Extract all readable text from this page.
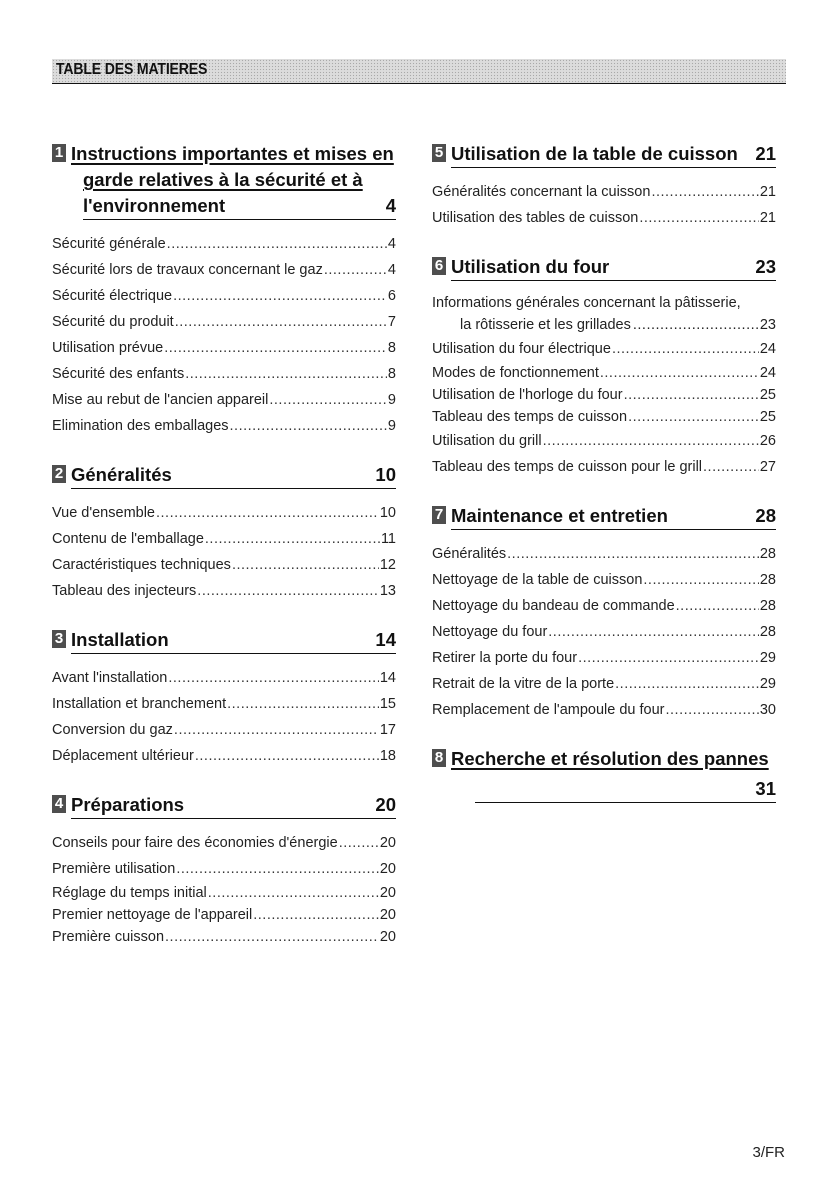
TABLE DES MATIERES
1 Instructions importantes et mises en
garde relatives à la sécurité et à
l'environnement	4
Sécurité générale .....	4
Sécurité lors de travaux concernant le gaz .....	4
Sécurité électrique .....	6
Sécurité du produit .....	7
Utilisation prévue .....	8
Sécurité des enfants .....	8
Mise au rebut de l'ancien appareil .....	9
Elimination des emballages .....	9
2 Généralités	10
Vue d'ensemble .....	10
Contenu de l'emballage .....	11
Caractéristiques techniques .....	12
Tableau des injecteurs .....	13
3 Installation	14
Avant l'installation .....	14
Installation et branchement .....	15
Conversion du gaz .....	17
Déplacement ultérieur .....	18
4 Préparations	20
Conseils pour faire des économies d'énergie .....	20
Première utilisation .....	20
Réglage du temps initial .....	20
Premier nettoyage de l'appareil .....	20
Première cuisson .....	20
5 Utilisation de la table de cuisson 21
Généralités concernant la cuisson .....	21
Utilisation des tables de cuisson .....	21
6 Utilisation du four	23
Informations générales concernant la pâtisserie,
la rôtisserie et les grillades .....	23
Utilisation du four électrique .....	24
Modes de fonctionnement .....	24
Utilisation de l'horloge du four .....	25
Tableau des temps de cuisson .....	25
Utilisation du grill .....	26
Tableau des temps de cuisson pour le grill .....	27
7 Maintenance et entretien	28
Généralités .....	28
Nettoyage de la table de cuisson .....	28
Nettoyage du bandeau de commande .....	28
Nettoyage du four .....	28
Retirer la porte du four .....	29
Retrait de la vitre de la porte .....	29
Remplacement de l'ampoule du four .....	30
8 Recherche et résolution des pannes
31
3/FR
